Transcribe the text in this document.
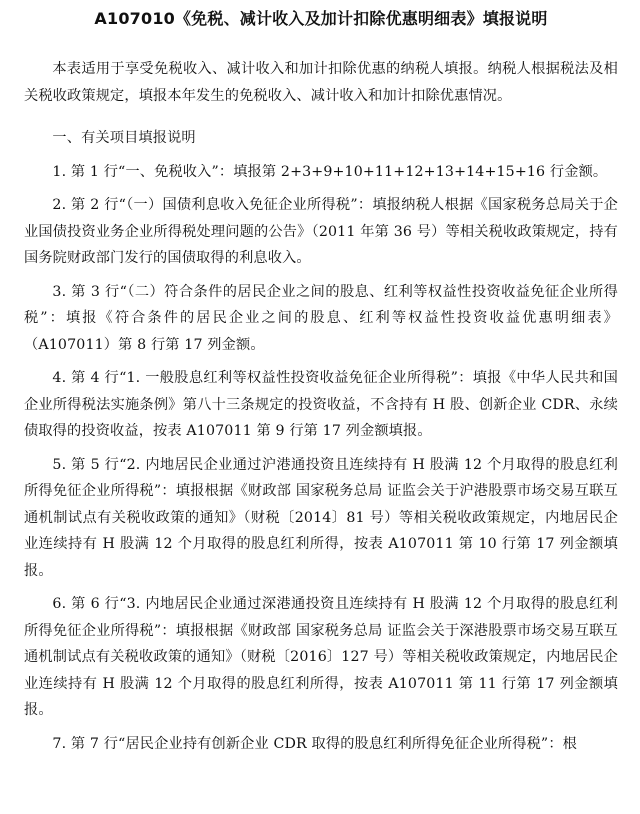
A107010《免税、减计收入及加计扣除优惠明细表》填报说明

本表适用于享受免税收入、减计收入和加计扣除优惠的纳税人填报。纳税人根据税法及相关税收政策规定，填报本年发生的免税收入、减计收入和加计扣除优惠情况。

一、有关项目填报说明

1. 第 1 行“一、免税收入”：填报第 2+3+9+10+11+12+13+14+15+16 行金额。

2. 第 2 行“（一）国债利息收入免征企业所得税”：填报纳税人根据《国家税务总局关于企业国债投资业务企业所得税处理问题的公告》（2011 年第 36 号）等相关税收政策规定，持有国务院财政部门发行的国债取得的利息收入。

3. 第 3 行“（二）符合条件的居民企业之间的股息、红利等权益性投资收益免征企业所得税”：填报《符合条件的居民企业之间的股息、红利等权益性投资收益优惠明细表》（A107011）第 8 行第 17 列金额。

4. 第 4 行“1. 一般股息红利等权益性投资收益免征企业所得税”：填报《中华人民共和国企业所得税法实施条例》第八十三条规定的投资收益，不含持有 H 股、创新企业 CDR、永续债取得的投资收益，按表 A107011 第 9 行第 17 列金额填报。

5. 第 5 行“2. 内地居民企业通过沪港通投资且连续持有 H 股满 12 个月取得的股息红利所得免征企业所得税”：填报根据《财政部 国家税务总局 证监会关于沪港股票市场交易互联互通机制试点有关税收政策的通知》（财税〔2014〕81 号）等相关税收政策规定，内地居民企业连续持有 H 股满 12 个月取得的股息红利所得，按表 A107011 第 10 行第 17 列金额填报。

6. 第 6 行“3. 内地居民企业通过深港通投资且连续持有 H 股满 12 个月取得的股息红利所得免征企业所得税”：填报根据《财政部 国家税务总局 证监会关于深港股票市场交易互联互通机制试点有关税收政策的通知》（财税〔2016〕127 号）等相关税收政策规定，内地居民企业连续持有 H 股满 12 个月取得的股息红利所得，按表 A107011 第 11 行第 17 列金额填报。

7. 第 7 行“居民企业持有创新企业 CDR 取得的股息红利所得免征企业所得税”：根
